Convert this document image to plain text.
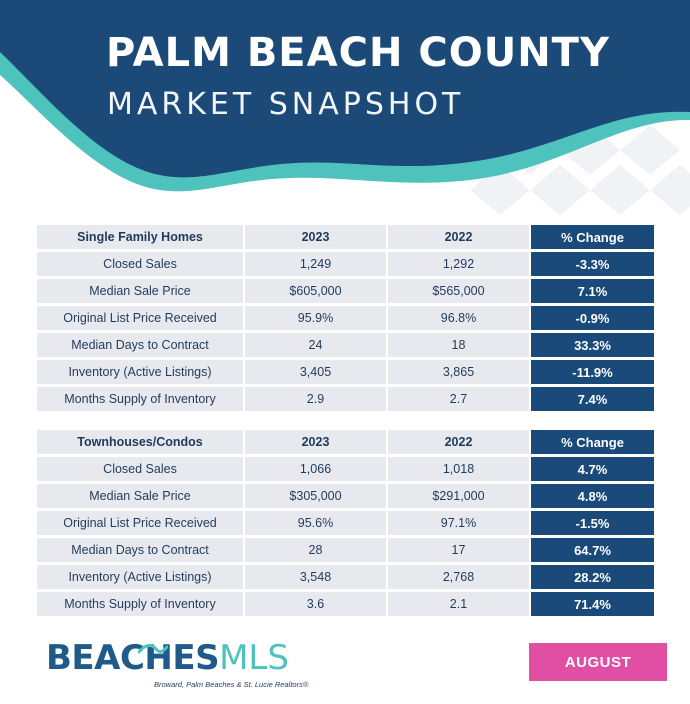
PALM BEACH COUNTY
MARKET SNAPSHOT
Single Family Homes	2023	2022	% Change
Closed Sales	1,249	1,292	-3.3%
Median Sale Price	$605,000	$565,000	7.1%
Original List Price Received	95.9%	96.8%	-0.9%
Median Days to Contract	24	18	33.3%
Inventory (Active Listings)	3,405	3,865	-11.9%
Months Supply of Inventory	2.9	2.7	7.4%
Townhouses/Condos	2023	2022	% Change
Closed Sales	1,066	1,018	4.7%
Median Sale Price	$305,000	$291,000	4.8%
Original List Price Received	95.6%	97.1%	-1.5%
Median Days to Contract	28	17	64.7%
Inventory (Active Listings)	3,548	2,768	28.2%
Months Supply of Inventory	3.6	2.1	71.4%
BEACHESMLS
Broward, Palm Beaches & St. Lucie Realtors®
AUGUST
